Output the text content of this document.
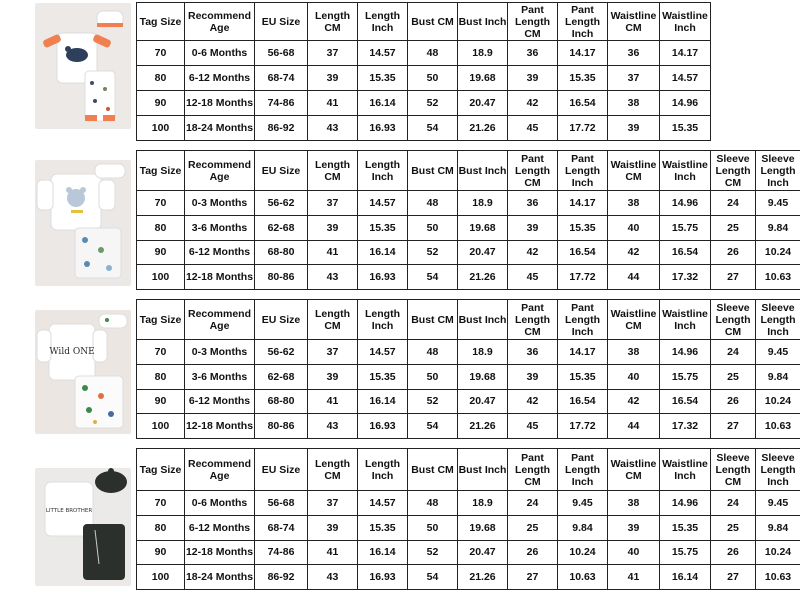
Tag Size	Recommend Age	EU Size	Length CM	Length Inch	Bust CM	Bust Inch	Pant Length CM	Pant Length Inch	Waistline CM	Waistline Inch
70	0-6 Months	56-68	37	14.57	48	18.9	36	14.17	36	14.17
80	6-12 Months	68-74	39	15.35	50	19.68	39	15.35	37	14.57
90	12-18 Months	74-86	41	16.14	52	20.47	42	16.54	38	14.96
100	18-24 Months	86-92	43	16.93	54	21.26	45	17.72	39	15.35
Tag Size	Recommend Age	EU Size	Length CM	Length Inch	Bust CM	Bust Inch	Pant Length CM	Pant Length Inch	Waistline CM	Waistline Inch	Sleeve Length CM	Sleeve Length Inch
70	0-3 Months	56-62	37	14.57	48	18.9	36	14.17	38	14.96	24	9.45
80	3-6 Months	62-68	39	15.35	50	19.68	39	15.35	40	15.75	25	9.84
90	6-12 Months	68-80	41	16.14	52	20.47	42	16.54	42	16.54	26	10.24
100	12-18 Months	80-86	43	16.93	54	21.26	45	17.72	44	17.32	27	10.63
Wild ONE
Tag Size	Recommend Age	EU Size	Length CM	Length Inch	Bust CM	Bust Inch	Pant Length CM	Pant Length Inch	Waistline CM	Waistline Inch	Sleeve Length CM	Sleeve Length Inch
70	0-3 Months	56-62	37	14.57	48	18.9	36	14.17	38	14.96	24	9.45
80	3-6 Months	62-68	39	15.35	50	19.68	39	15.35	40	15.75	25	9.84
90	6-12 Months	68-80	41	16.14	52	20.47	42	16.54	42	16.54	26	10.24
100	12-18 Months	80-86	43	16.93	54	21.26	45	17.72	44	17.32	27	10.63
LITTLE BROTHER
Tag Size	Recommend Age	EU Size	Length CM	Length Inch	Bust CM	Bust Inch	Pant Length CM	Pant Length Inch	Waistline CM	Waistline Inch	Sleeve Length CM	Sleeve Length Inch
70	0-6 Months	56-68	37	14.57	48	18.9	24	9.45	38	14.96	24	9.45
80	6-12 Months	68-74	39	15.35	50	19.68	25	9.84	39	15.35	25	9.84
90	12-18 Months	74-86	41	16.14	52	20.47	26	10.24	40	15.75	26	10.24
100	18-24 Months	86-92	43	16.93	54	21.26	27	10.63	41	16.14	27	10.63
